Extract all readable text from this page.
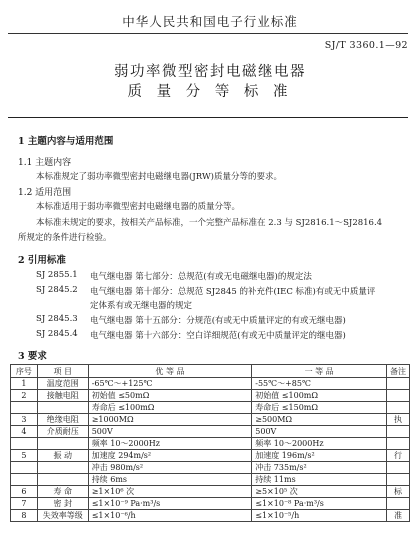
中华人民共和国电子行业标准
SJ/T 3360.1—92
弱功率微型密封电磁继电器
质 量 分 等 标 准
1 主题内容与适用范围
1.1 主题内容
本标准规定了弱功率微型密封电磁继电器(JRW)质量分等的要求。
1.2 适用范围
本标准适用于弱功率微型密封电磁继电器的质量分等。
本标准未规定的要求，按相关产品标准，一个完整产品标准在 2.3 与 SJ2816.1～SJ2816.4
所规定的条件进行检验。
2 引用标准
SJ 2855.1 电气继电器 第七部分：总规范(有或无电磁继电器)的规定法
SJ 2845.2 电气继电器 第十部分：总规范 SJ2845 的补充件(IEC 标准)有或无中质量评
定体系有或无继电器的规定
SJ 2845.3 电气继电器 第十五部分：分规范(有或无中质量评定的有或无继电器)
SJ 2845.4 电气继电器 第十六部分：空白详细规范(有或无中质量评定的继电器)
3 要求
序号	项 目	优 等 品	一 等 品	备注
1	温度范围	-65℃～+125℃	-55℃～+85℃	
2	接触电阻	初始值 ≤50mΩ	初始值 ≤100mΩ	
		寿命后 ≤100mΩ	寿命后 ≤150mΩ	
3	绝缘电阻	≥1000MΩ	≥500MΩ	执
4	介质耐压	500V	500V	
		频率 10～2000Hz	频率 10～2000Hz	
5	振 动	加速度 294m/s²	加速度 196m/s²	行
		冲击 980m/s²	冲击 735m/s²	
		持续 6ms	持续 11ms	
6	寿 命	≥1×10⁶ 次	≥5×10⁵ 次	标
7	密 封	≤1×10⁻⁹ Pa·m³/s	≤1×10⁻⁸ Pa·m³/s	
8	失效率等级	≤1×10⁻⁶/h	≤1×10⁻⁵/h	准
